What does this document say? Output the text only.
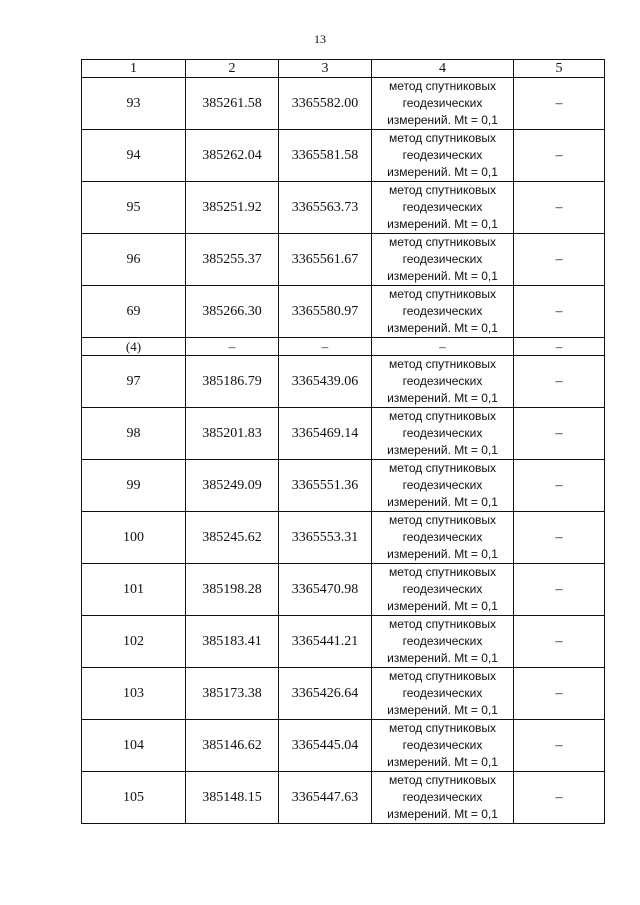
13
1	2	3	4	5
93	385261.58	3365582.00	метод спутниковых
геодезических
измерений. Mt = 0,1	–
94	385262.04	3365581.58	метод спутниковых
геодезических
измерений. Mt = 0,1	–
95	385251.92	3365563.73	метод спутниковых
геодезических
измерений. Mt = 0,1	–
96	385255.37	3365561.67	метод спутниковых
геодезических
измерений. Mt = 0,1	–
69	385266.30	3365580.97	метод спутниковых
геодезических
измерений. Mt = 0,1	–
(4)	–	–	–	–
97	385186.79	3365439.06	метод спутниковых
геодезических
измерений. Mt = 0,1	–
98	385201.83	3365469.14	метод спутниковых
геодезических
измерений. Mt = 0,1	–
99	385249.09	3365551.36	метод спутниковых
геодезических
измерений. Mt = 0,1	–
100	385245.62	3365553.31	метод спутниковых
геодезических
измерений. Mt = 0,1	–
101	385198.28	3365470.98	метод спутниковых
геодезических
измерений. Mt = 0,1	–
102	385183.41	3365441.21	метод спутниковых
геодезических
измерений. Mt = 0,1	–
103	385173.38	3365426.64	метод спутниковых
геодезических
измерений. Mt = 0,1	–
104	385146.62	3365445.04	метод спутниковых
геодезических
измерений. Mt = 0,1	–
105	385148.15	3365447.63	метод спутниковых
геодезических
измерений. Mt = 0,1	–
